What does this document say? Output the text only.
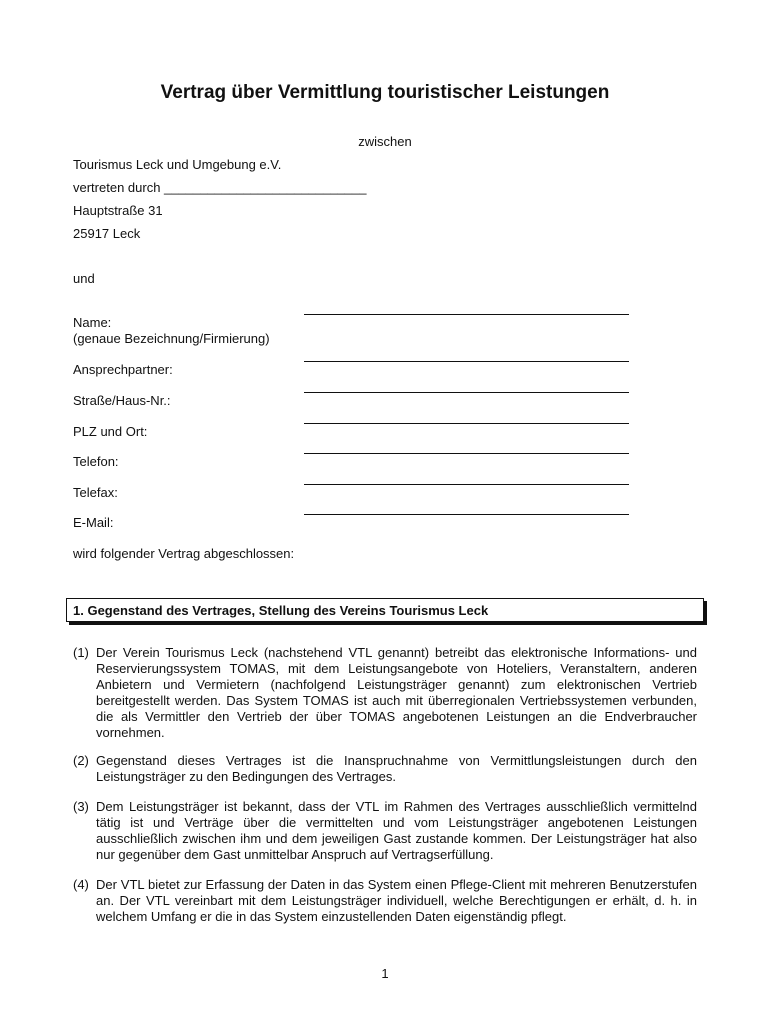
Vertrag über Vermittlung touristischer Leistungen
zwischen
Tourismus Leck und Umgebung e.V.
vertreten durch ____________________________
Hauptstraße 31
25917 Leck
und
Name:
(genaue Bezeichnung/Firmierung)
Ansprechpartner:
Straße/Haus-Nr.:
PLZ und Ort:
Telefon:
Telefax:
E-Mail:
wird folgender Vertrag abgeschlossen:
1. Gegenstand des Vertrages, Stellung des Vereins Tourismus Leck
(1) Der Verein Tourismus Leck (nachstehend VTL genannt) betreibt das elektronische Informations- und Reservierungssystem TOMAS, mit dem Leistungsangebote von Hoteliers, Veranstaltern, anderen Anbietern und Vermietern (nachfolgend Leistungsträger genannt) zum elektronischen Vertrieb bereitgestellt werden. Das System TOMAS ist auch mit überregionalen Vertriebssystemen verbunden, die als Vermittler den Vertrieb der über TOMAS angebotenen Leistungen an die Endverbraucher vornehmen.
(2) Gegenstand dieses Vertrages ist die Inanspruchnahme von Vermittlungsleistungen durch den Leistungsträger zu den Bedingungen des Vertrages.
(3) Dem Leistungsträger ist bekannt, dass der VTL im Rahmen des Vertrages ausschließlich vermittelnd tätig ist und Verträge über die vermittelten und vom Leistungsträger angebotenen Leistungen ausschließlich zwischen ihm und dem jeweiligen Gast zustande kommen. Der Leistungsträger hat also nur gegenüber dem Gast unmittelbar Anspruch auf Vertragserfüllung.
(4) Der VTL bietet zur Erfassung der Daten in das System einen Pflege-Client mit mehreren Benutzerstufen an. Der VTL vereinbart mit dem Leistungsträger individuell, welche Berechtigungen er erhält, d. h. in welchem Umfang er die in das System einzustellenden Daten eigenständig pflegt.
1
